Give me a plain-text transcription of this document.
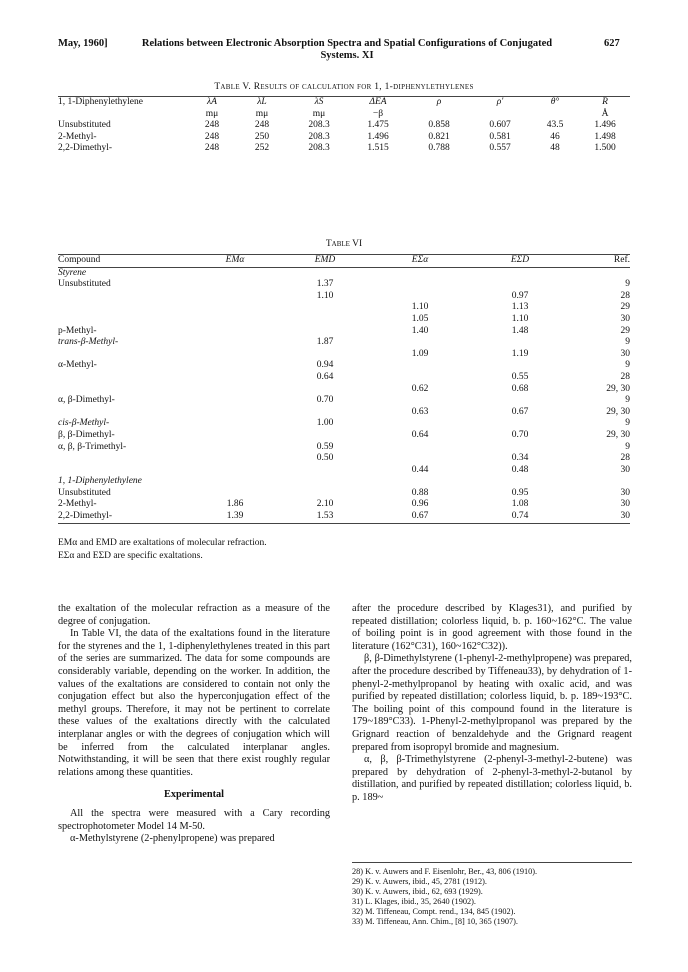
May, 1960]	Relations between Electronic Absorption Spectra and Spatial Configurations of Conjugated Systems. XI
627
Table V. Results of calculation for 1, 1-diphenylethylenes
1, 1-Diphenylethylene	λA	λL	λS	ΔEA	ρ	ρ'	θ°	R
	mμ	mμ	mμ	−β				Å
Unsubstituted	248	248	208.3	1.475	0.858	0.607	43.5	1.496
2-Methyl-	248	250	208.3	1.496	0.821	0.581	46	1.498
2,2-Dimethyl-	248	252	208.3	1.515	0.788	0.557	48	1.500
Table VI
Compound	EMα	EMD	EΣα	EΣD	Ref.
Styrene					
Unsubstituted		1.37			9
		1.10		0.97	28
			1.10	1.13	29
			1.05	1.10	30
p-Methyl-			1.40	1.48	29
trans-β-Methyl-		1.87			9
			1.09	1.19	30
α-Methyl-		0.94			9
		0.64		0.55	28
			0.62	0.68	29, 30
α, β-Dimethyl-		0.70			9
			0.63	0.67	29, 30
cis-β-Methyl-		1.00			9
β, β-Dimethyl-			0.64	0.70	29, 30
α, β, β-Trimethyl-		0.59			9
		0.50		0.34	28
			0.44	0.48	30
1, 1-Diphenylethylene					
Unsubstituted			0.88	0.95	30
2-Methyl-	1.86	2.10	0.96	1.08	30
2,2-Dimethyl-	1.39	1.53	0.67	0.74	30
EMα and EMD are exaltations of molecular refraction.
EΣα and EΣD are specific exaltations.

the exaltation of the molecular refraction as a measure of the degree of conjugation.

In Table VI, the data of the exaltations found in the literature for the styrenes and the 1, 1-diphenylethylenes treated in this part of the series are summarized. The data for some compounds are considerably variable, depending on the worker. In addition, the values of the exaltations are considered to contain not only the conjugation effect but also the hyperconjugation effect of the methyl groups. Therefore, it may not be pertinent to correlate these values of the exaltations directly with the calculated interplanar angles or with the degrees of conjugation which will be inferred from the calculated interplanar angles. Notwithstanding, it will be seen that there exist roughly regular relations among these quantities.

Experimental

All the spectra were measured with a Cary recording spectrophotometer Model 14 M-50.

α-Methylstyrene (2-phenylpropene) was prepared

after the procedure described by Klages31), and purified by repeated distillation; colorless liquid, b. p. 160~162°C. The value of boiling point is in good agreement with those found in the literature (162°C31), 160~162°C32)).

β, β-Dimethylstyrene (1-phenyl-2-methylpropene) was prepared, after the procedure described by Tiffeneau33), by dehydration of 1-phenyl-2-methylpropanol by heating with oxalic acid, and was purified by repeated distillation; colorless liquid, b. p. 189~193°C. The boiling point of this compound found in the literature is 179~189°C33). 1-Phenyl-2-methylpropanol was prepared by the Grignard reaction of benzaldehyde and the Grignard reagent prepared from isopropyl bromide and magnesium.

α, β, β-Trimethylstyrene (2-phenyl-3-methyl-2-butene) was prepared by dehydration of 2-phenyl-3-methyl-2-butanol by distillation, and purified by repeated distillation; colorless liquid, b. p. 189~

28) K. v. Auwers and F. Eisenlohr, Ber., 43, 806 (1910).
29) K. v. Auwers, ibid., 45, 2781 (1912).
30) K. v. Auwers, ibid., 62, 693 (1929).
31) L. Klages, ibid., 35, 2640 (1902).
32) M. Tiffeneau, Compt. rend., 134, 845 (1902).
33) M. Tiffeneau, Ann. Chim., [8] 10, 365 (1907).
